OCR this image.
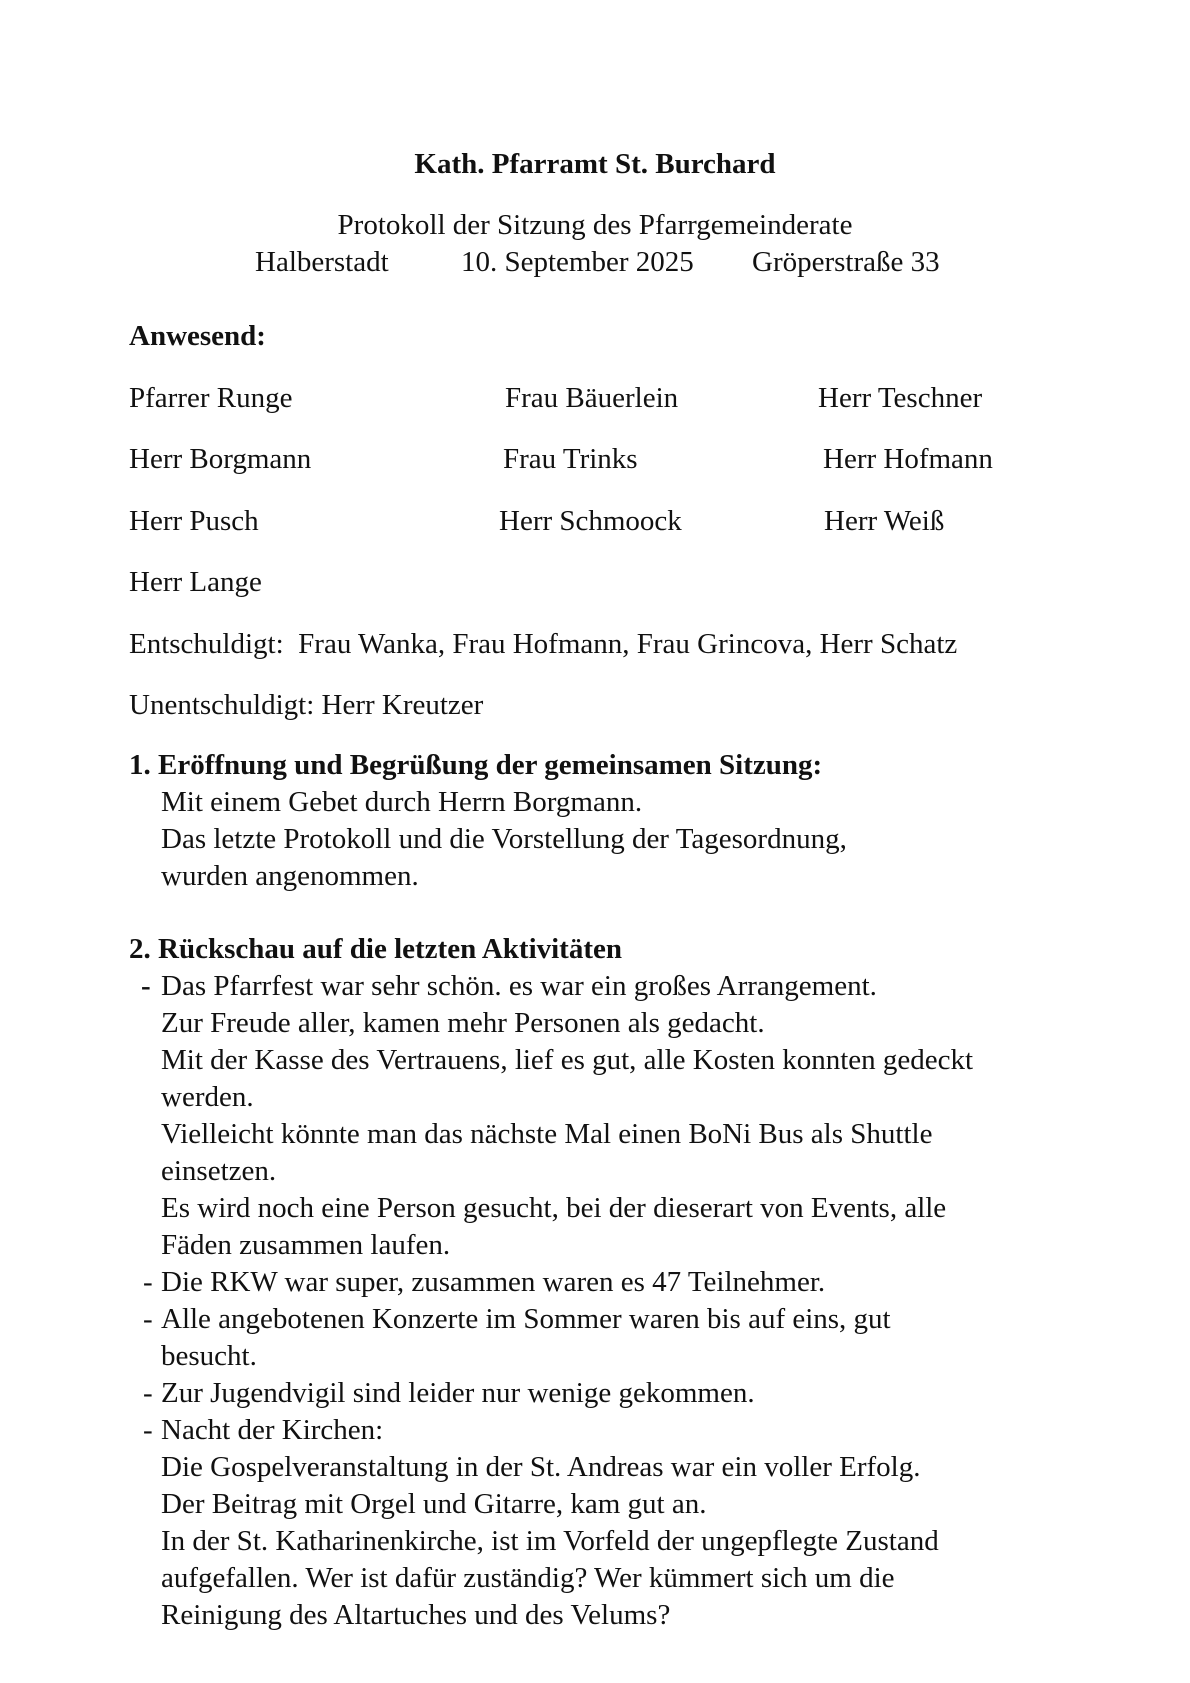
Kath. Pfarramt St. Burchard
Protokoll der Sitzung des Pfarrgemeinderate
Halberstadt 10. September 2025 Gröperstraße 33
Anwesend:
Pfarrer Runge	Frau Bäuerlein	Herr Teschner
Herr Borgmann	Frau Trinks	Herr Hofmann
Herr Pusch	Herr Schmoock	Herr Weiß
Herr Lange
Entschuldigt:  Frau Wanka, Frau Hofmann, Frau Grincova, Herr Schatz
Unentschuldigt: Herr Kreutzer
1. Eröffnung und Begrüßung der gemeinsamen Sitzung:
Mit einem Gebet durch Herrn Borgmann.
Das letzte Protokoll und die Vorstellung der Tagesordnung,
wurden angenommen.
2. Rückschau auf die letzten Aktivitäten
- Das Pfarrfest war sehr schön. es war ein großes Arrangement.
Zur Freude aller, kamen mehr Personen als gedacht.
Mit der Kasse des Vertrauens, lief es gut, alle Kosten konnten gedeckt
werden.
Vielleicht könnte man das nächste Mal einen BoNi Bus als Shuttle
einsetzen.
Es wird noch eine Person gesucht, bei der dieserart von Events, alle
Fäden zusammen laufen.
- Die RKW war super, zusammen waren es 47 Teilnehmer.
- Alle angebotenen Konzerte im Sommer waren bis auf eins, gut
besucht.
- Zur Jugendvigil sind leider nur wenige gekommen.
- Nacht der Kirchen:
Die Gospelveranstaltung in der St. Andreas war ein voller Erfolg.
Der Beitrag mit Orgel und Gitarre, kam gut an.
In der St. Katharinenkirche, ist im Vorfeld der ungepflegte Zustand
aufgefallen. Wer ist dafür zuständig? Wer kümmert sich um die
Reinigung des Altartuches und des Velums?
